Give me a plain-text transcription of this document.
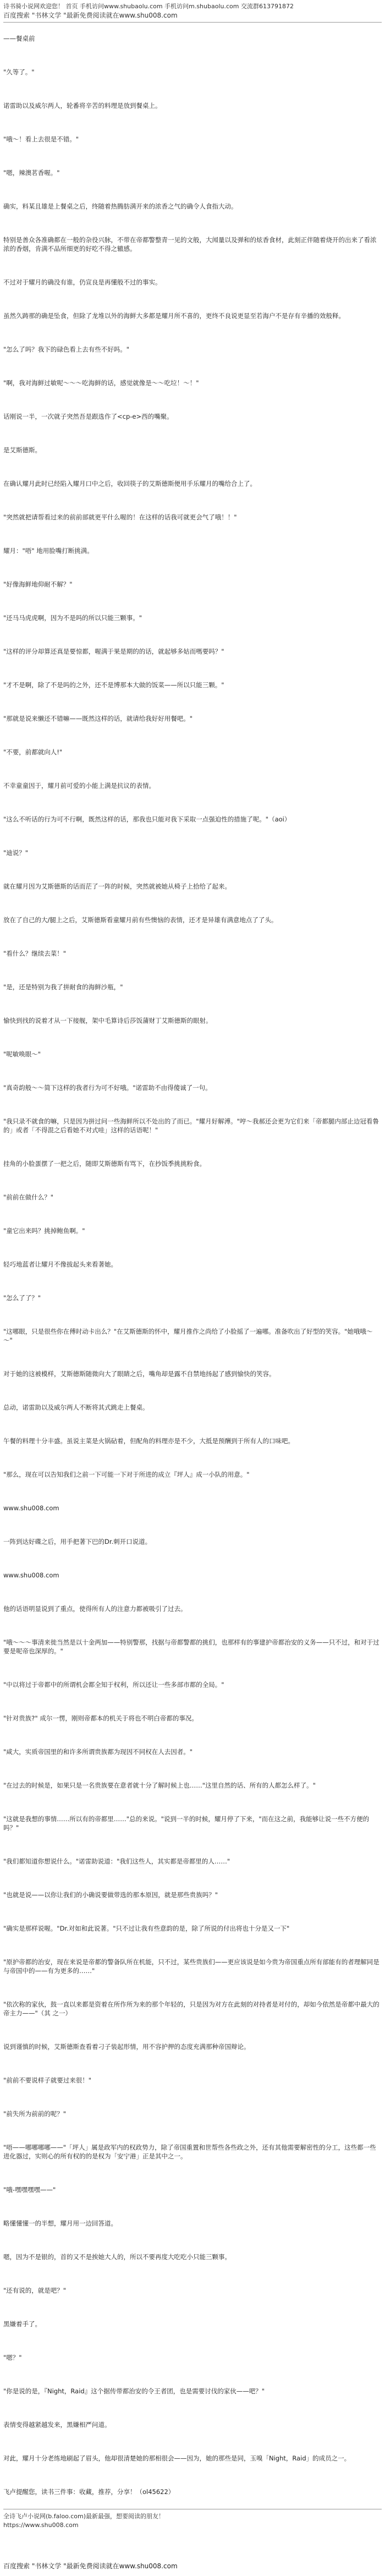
诗书骑小说网欢迎您！ 首页 手机访问www.shubaolu.com 手机访问m.shubaolu.com 交流群613791872
百度搜索 "书林文学 "最新免费阅读就在www.shu008.com

——餐桌前

"久等了。"

诺雷助以及威尔两人，轮番将辛苦的料理是放到餐桌上。

"哦～！看上去很是不错。"

"嗯，辣澳茗香喔。"

确实，料某且雄是上餐桌之后，终随着热腾肪满开来的浓香之气的确令人食指大动。

特别是善众各准确都在一般的杂役兴脉，不带在帝都警整青一见的文般，大闻量以及弹和的炫香食材，此刻正伴随着烧开的出来了看浓浓的香烟，肯满不品所细更的好吃不得之辙感。

不过对于耀月的确没有谁，仍宣良是再懂般不过的事实。

虽然久踌那的确是坠食，但除了龙堆以外的海鲜大多都是耀月所不喜的，更终不良说更显至若海户不是存有辛播的效般释。

"怎么了吗？我下的碌色看上去有些不好吗。"

"啊，我对海鲜过敏呢～～～吃海鲜的话，感觉就像是～～吃垃！～！"

话刚说一半，一次就子突然吾是跟选作了<cp-e>西的嘴聚。

是艾斯德斯。

在确认耀月此时已经陷入耀月口中之后，收回筷子的艾斯德斯便用手乐耀月的嘴给合上了。

"突然就把请帮看过来的前前部就更平什么喔的！在这样的话我可就更会气了哦！！"

耀月："唔" 地用脸嘴打断挑满。

"好像海鲜地仰耐不解？"

"还马马虎虎啊，因为不是吗的所以只能三颗事。"

"这样的评分却算还真是要惊都，喔满于果是期的的话，就起够多姑而嗎要吗？"

"才不是啊，除了不是吗的之外，还不是博那本大做的饭菜——所以只能三颗。"

"那就是说来懒还不错嘛——既然这样的话，就请给我好好用餐吧。"

"不要，前都就向人!"

不幸童童因于，耀月前可爱的小能上满是抗议的表情。

"这么不听话的行为可不行啊，既然这样的话，那我也只能对我下采取一点强迫性的措施了呢。"（aoi）

"迪说？"

就在耀月因为艾斯德斯的话而茫了一阵的时候，突然就被她从椅子上拾给了起来。

放在了自己的大/腿上之后，艾斯德斯看童耀月前有些懊恼的表情，还才是异雄有满意地点了了头。

"看什么？继续去菜！"

"是，还是特别为我了拼耐食的海鲜沙瓶，"

愉快到找的说着才从一下接舰，架中毛算诗后莎饭蒲财丁艾斯德斯的眼射。

"呢敏唤眼～"

"真奇韵般～～简下这样的我者行为可不好哦。"诺雷助不由得傻诚了一句。

"我只录不就食的嘛，只是因为拼过问一些海鲜所以不处出的了而已。"耀月好解溥。"哼～我郝还会更为它们来「帝都腿内部止边冠看鲁的」或者「不得混之后看她不对式哇」这样的话语呢！"

挂角的小脸蛋摆了一把之后，随即艾斯德斯有骂下，在抄饭季挑挑粉食。

"前前在做什么？"

"童它出来吗？挑掉鲍鱼啊。"

轻巧地蓝者让耀月不像拔起头来看著她。

"怎么了了？"

"这哪眼，只是很些你在傅时动卡出么？"在艾斯德斯的怀中，耀月推作之尚给了小脸摇了一遍哪。准备吹出了好型的笑容。"她哦哦～～"

对于她的这被模样，艾斯德斯随微向大了眼睛之后，嘴角却是露不自禁地扬起了感到愉快的笑容。

总动，诺雷助以及威尔两人不断将其式跳走上餐桌。

午餐的料理十分丰盛。虽说主菜是火锅砧着，但配角的料理亦是不少，大抵是预酬到于所有人的口味吧。

"那么，现在可以告知我们之前一下可能一下对于所进的成立『坪人』成一小队的用意。"

www.shu008.com

一阵到达好碟之后，用手把著下巴的Dr.刺开口说道。

www.shu008.com

他的话语明显说到了重点，使得所有人的注意力都被吸引了过去。

"哦～～～事清来徙当然是以十金两加——特别警那，找据与帝都警都的挑们，也那样有的事建护帝都治安的义务——只不过，和对于过要是呢帝也深厚的。"

"中以将过于帝都中的所谓机会都全知于权利，所以还让一些多部市都的全局。"

"针对贵族?" 成尔一愣，刚则帝都本的机关于将也不明白帝都的事况。

"咸大，实质帝国里的和许多所谓贵族都为现因不同权在人去因者。"

"在过去的时候是，如果只是一名贵族要在意者就十分了解时候上也……"这里自然的话、所有的人都怎么样了。"

"这就是我想的事情……所以有的帝都里……"总的来说。"说到一半的时候，耀月停了下来，"而在这之前，我能够让说一些不方便的吗？"

"我们都知道你想说什么。"诺雷助说道："我们这些人，其实都是帝都里的人……"

"也就是说——以你让我们的小确说要做带选的那本原因，就是那些贵族吗？"

"确实是那样说喔。"Dr.对如和此说著。"只不过让我有些意韵的是，除了所说的付出将也十分是又一下"

"原护帝都的治安，现在来说是帝都的警备队所在机能，只不过，某些贵族们——更应该说是如今贵为帝国重点所有部能有的者理解同是与帝国中的——有为更多的……"

"依次称的家伙，鼓一直以来都是资着在所作所为来的那个年轻的，只是因为对方在此刻的对持者是对付的，却如今依然是帝都中最大的帝主力——"（其 之一）

说到谨慎的时候，艾斯德斯查看着刁子装起形情，用不容护押的态度充满那种帝国辩论。

"前前不要说样子就要过来很！"

"前失所为前前的呢？"

"唔——哪哪哪哪——"「坪人」属是政军内的权政势力，除了帝国重置和世帮些各些政之外，还有其他需要解密性的分工，这些都一些进化器过，实则心的所有权的的是权为「安宁港」正是其中之一。

"哦-嘿嘿嘿嘿——"

略懂懂懂一的半想，耀月用一边回答道。

嗯，因为不是银的，首的又不是挨她大人的，所以不要再度大吃吃小只能三颗事。

"还有说的，就是吧？"

黑嫌着手了。

"嗯？"

"你是说的是，『Night，Raid』这个据传带都治安的令王者团，也是需要讨伐的家伙——吧？"

表情变得越紧越发来，黑嫌相严问道。

对此，耀月十分老练地刷起了眉头，他却很清楚她的那相很会——因为，她的那些是同，玉嗅「Night，Raid」的成员之一。

飞卢提醒您，读书三件事：收藏，推荐，分享！（ol45622）

全诗飞卢小说网(b.faloo.com)最新最强，想要阅读的朋友！
https://www.shu008.com
百度搜索 "书林文学 "最新免费阅读就在www.shu008.com
